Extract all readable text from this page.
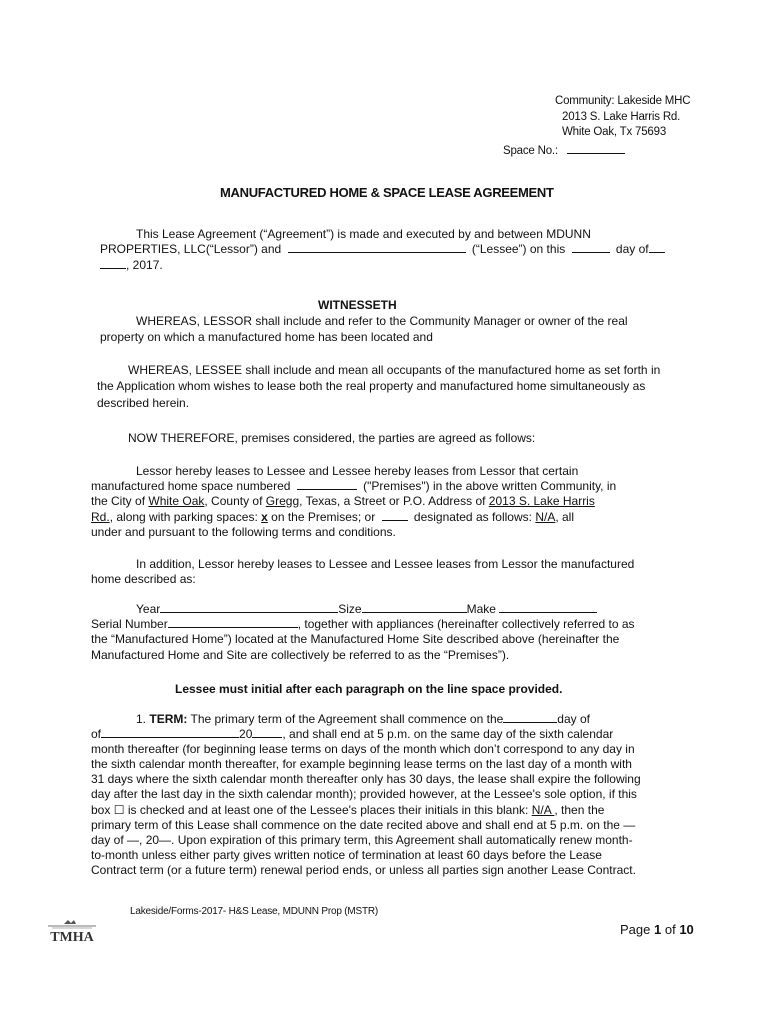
Community: Lakeside MHC
2013 S. Lake Harris Rd.
White Oak, Tx 75693
Space No.:
MANUFACTURED HOME & SPACE LEASE AGREEMENT
This Lease Agreement (“Agreement”) is made and executed by and between MDUNN
PROPERTIES, LLC(“Lessor”) and	(“Lessee”) on this	day of
, 2017.
WITNESSETH
WHEREAS, LESSOR shall include and refer to the Community Manager or owner of the real
property on which a manufactured home has been located and
WHEREAS, LESSEE shall include and mean all occupants of the manufactured home as set forth in
the Application whom wishes to lease both the real property and manufactured home simultaneously as
described herein.
NOW THEREFORE, premises considered, the parties are agreed as follows:
Lessor hereby leases to Lessee and Lessee hereby leases from Lessor that certain
manufactured home space numbered	("Premises") in the above written Community, in
the City of White Oak, County of Gregg, Texas, a Street or P.O. Address of 2013 S. Lake Harris
Rd., along with parking spaces: x on the Premises; or	designated as follows: N/A, all
under and pursuant to the following terms and conditions.
In addition, Lessor hereby leases to Lessee and Lessee leases from Lessor the manufactured
home described as:
Year	Size	Make
Serial Number	, together with appliances (hereinafter collectively referred to as
the “Manufactured Home”) located at the Manufactured Home Site described above (hereinafter the
Manufactured Home and Site are collectively be referred to as the “Premises”).
Lessee must initial after each paragraph on the line space provided.
1. TERM: The primary term of the Agreement shall commence on the	day of
of	20	, and shall end at 5 p.m. on the same day of the sixth calendar
month thereafter (for beginning lease terms on days of the month which don’t correspond to any day in
the sixth calendar month thereafter, for example beginning lease terms on the last day of a month with
31 days where the sixth calendar month thereafter only has 30 days, the lease shall expire the following
day after the last day in the sixth calendar month); provided however, at the Lessee's sole option, if this
box ☐ is checked and at least one of the Lessee's places their initials in this blank: N/A , then the
primary term of this Lease shall commence on the date recited above and shall end at 5 p.m. on the —
day of —, 20—. Upon expiration of this primary term, this Agreement shall automatically renew month-
to-month unless either party gives written notice of termination at least 60 days before the Lease
Contract term (or a future term) renewal period ends, or unless all parties sign another Lease Contract.
Lakeside/Forms-2017- H&S Lease, MDUNN Prop (MSTR)
TMHA
Page 1 of 10
